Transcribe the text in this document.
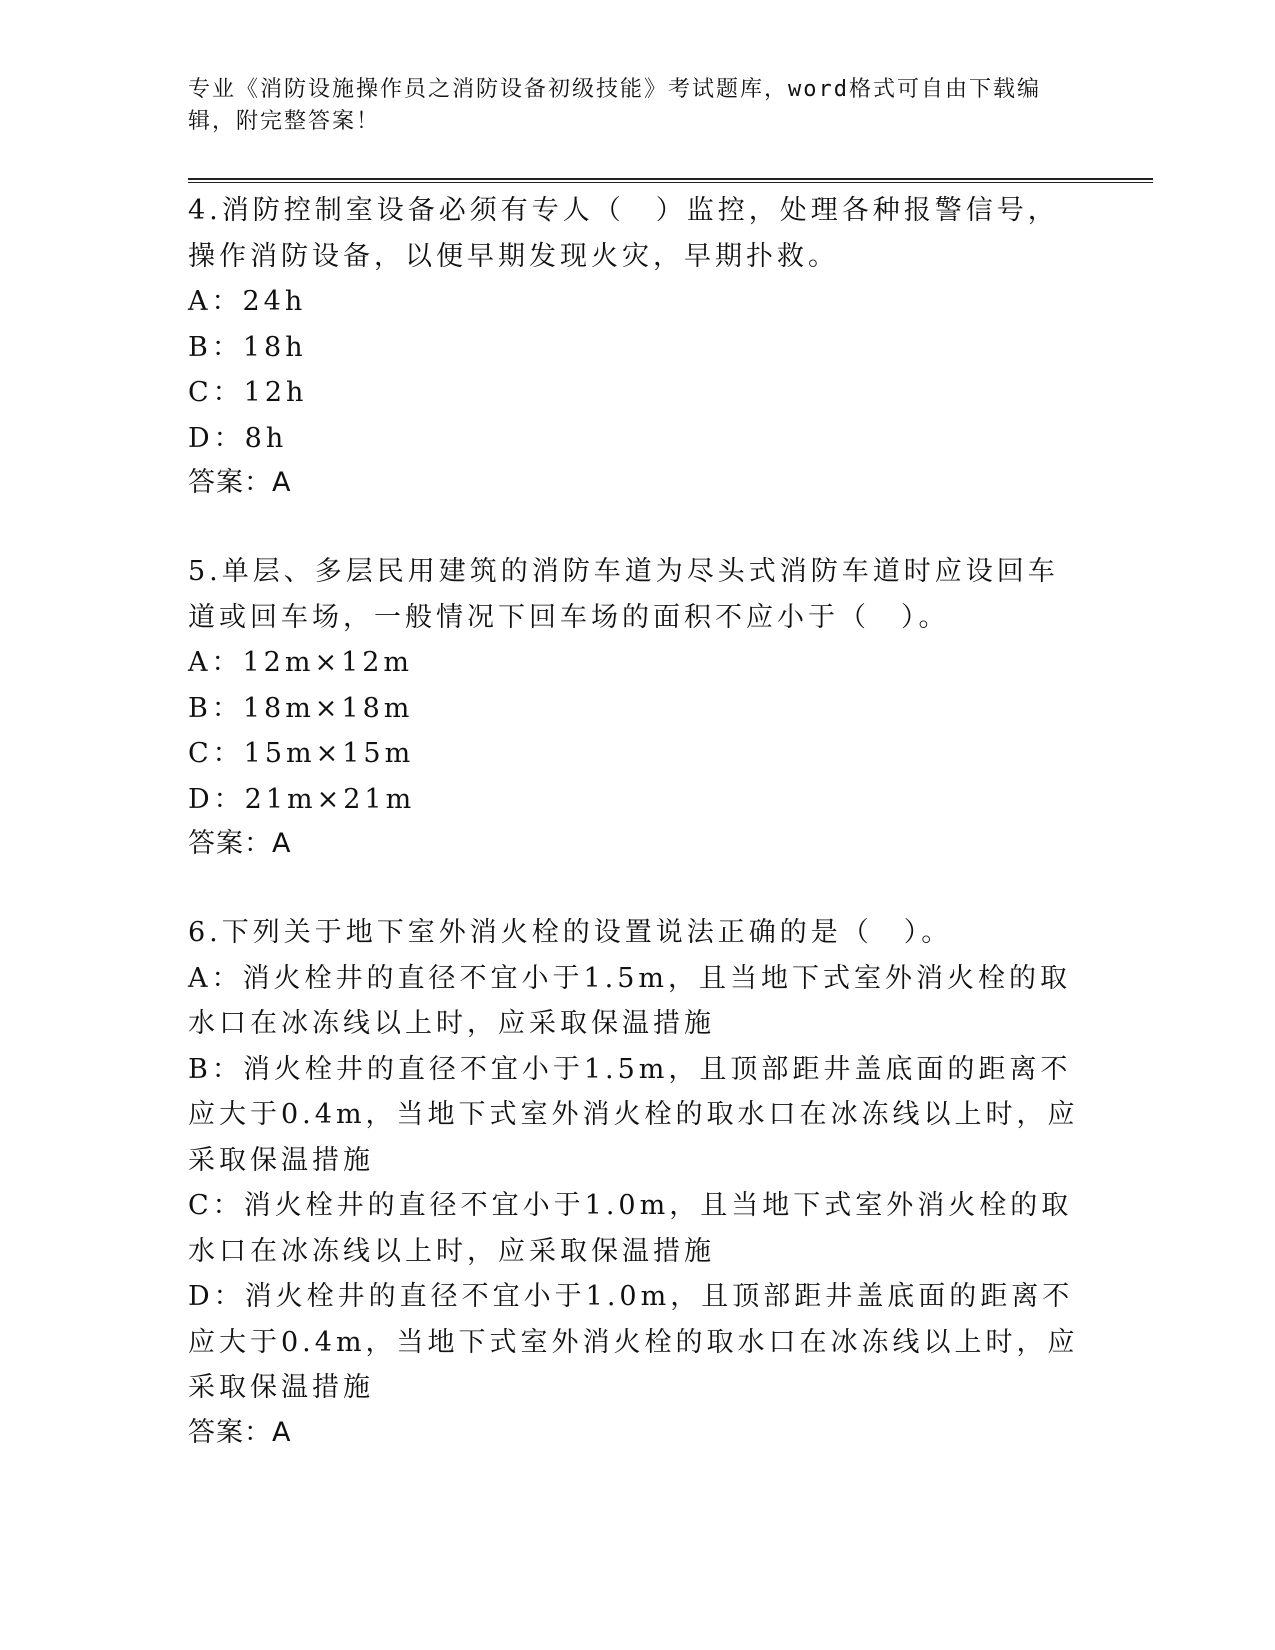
专业《消防设施操作员之消防设备初级技能》考试题库，word格式可自由下载编辑，附完整答案！

4.消防控制室设备必须有专人（　）监控，处理各种报警信号，操作消防设备，以便早期发现火灾，早期扑救。

A：24h

B：18h

C：12h

D：8h

答案：A

5.单层、多层民用建筑的消防车道为尽头式消防车道时应设回车道或回车场，一般情况下回车场的面积不应小于（　）。

A：12m×12m

B：18m×18m

C：15m×15m

D：21m×21m

答案：A

6.下列关于地下室外消火栓的设置说法正确的是（　）。

A：消火栓井的直径不宜小于1.5m，且当地下式室外消火栓的取水口在冰冻线以上时，应采取保温措施

B：消火栓井的直径不宜小于1.5m，且顶部距井盖底面的距离不应大于0.4m，当地下式室外消火栓的取水口在冰冻线以上时，应采取保温措施

C：消火栓井的直径不宜小于1.0m，且当地下式室外消火栓的取水口在冰冻线以上时，应采取保温措施

D：消火栓井的直径不宜小于1.0m，且顶部距井盖底面的距离不应大于0.4m，当地下式室外消火栓的取水口在冰冻线以上时，应采取保温措施

答案：A
